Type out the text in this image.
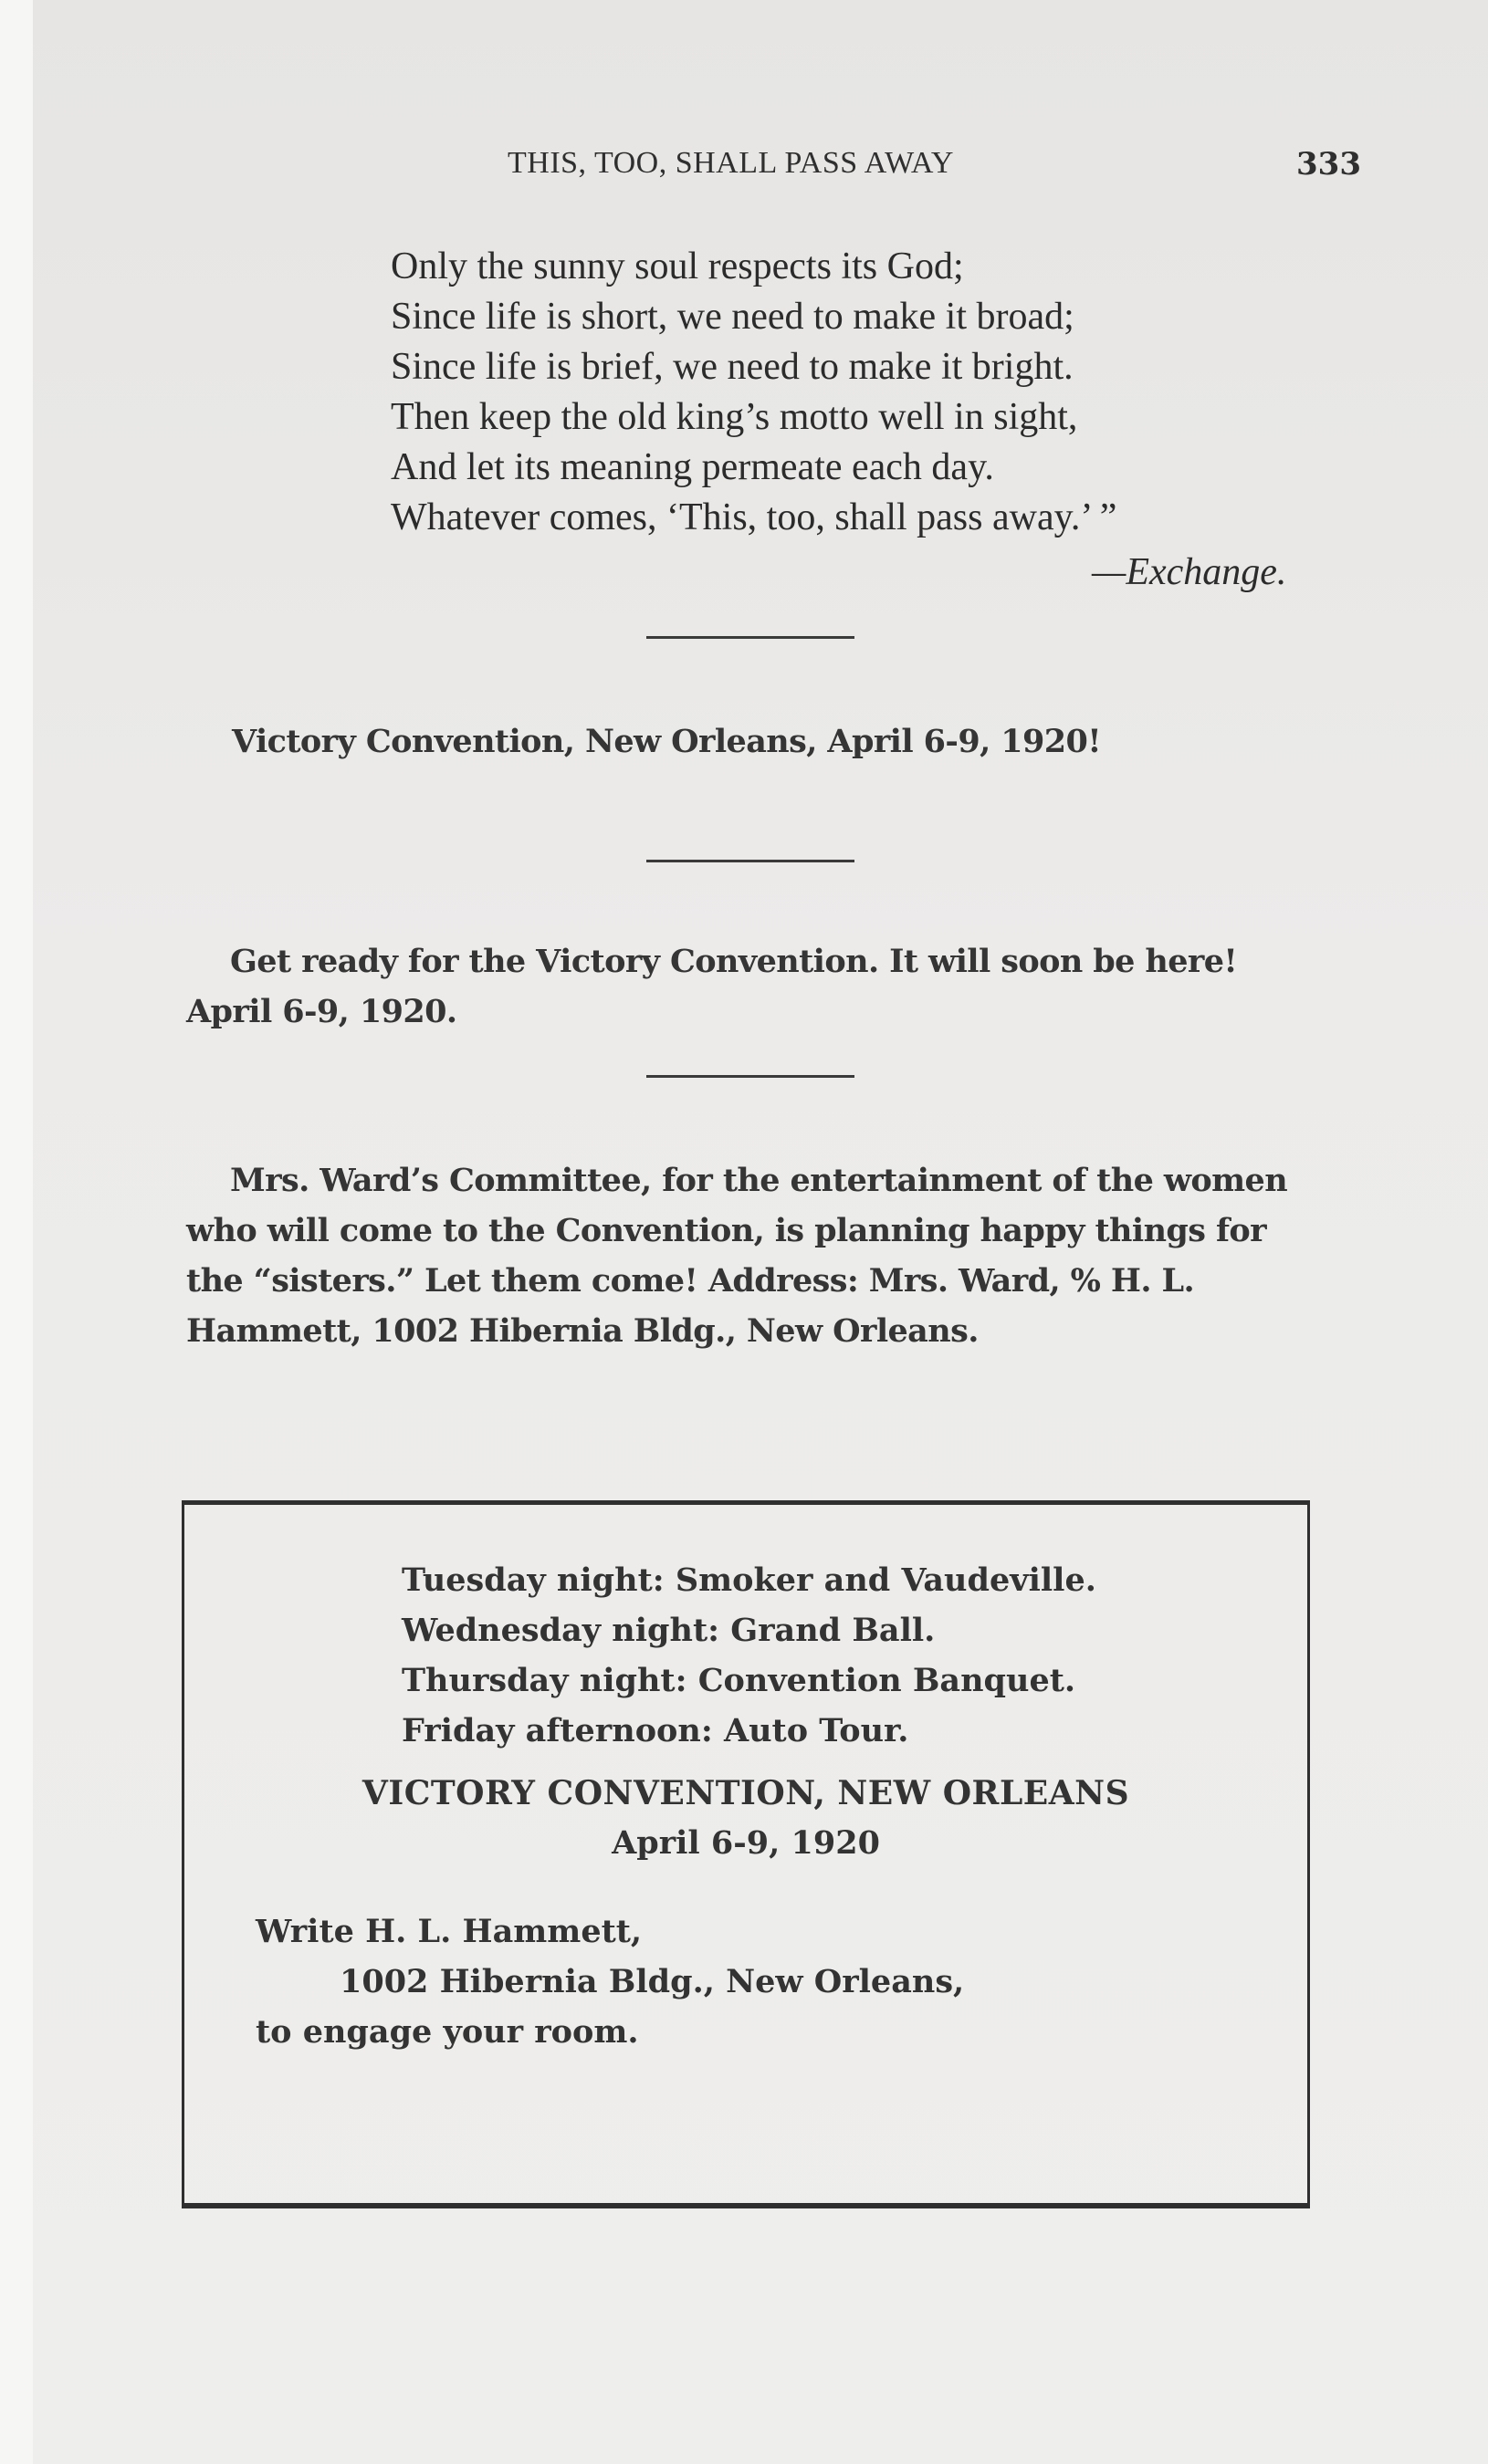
THIS, TOO, SHALL PASS AWAY	333
Only the sunny soul respects its God;
Since life is short, we need to make it broad;
Since life is brief, we need to make it bright.
Then keep the old king’s motto well in sight,
And let its meaning permeate each day.
Whatever comes, ‘This, too, shall pass away.’ ”
—Exchange.
Victory Convention, New Orleans, April 6-9, 1920!
Get ready for the Victory Convention. It will soon be here!
April 6-9, 1920.
Mrs. Ward’s Committee, for the entertainment of the women
who will come to the Convention, is planning happy things for
the “sisters.” Let them come! Address: Mrs. Ward, % H. L.
Hammett, 1002 Hibernia Bldg., New Orleans.
Tuesday night: Smoker and Vaudeville.
Wednesday night: Grand Ball.
Thursday night: Convention Banquet.
Friday afternoon: Auto Tour.
VICTORY CONVENTION, NEW ORLEANS
April 6-9, 1920
Write H. L. Hammett,
1002 Hibernia Bldg., New Orleans,
to engage your room.
